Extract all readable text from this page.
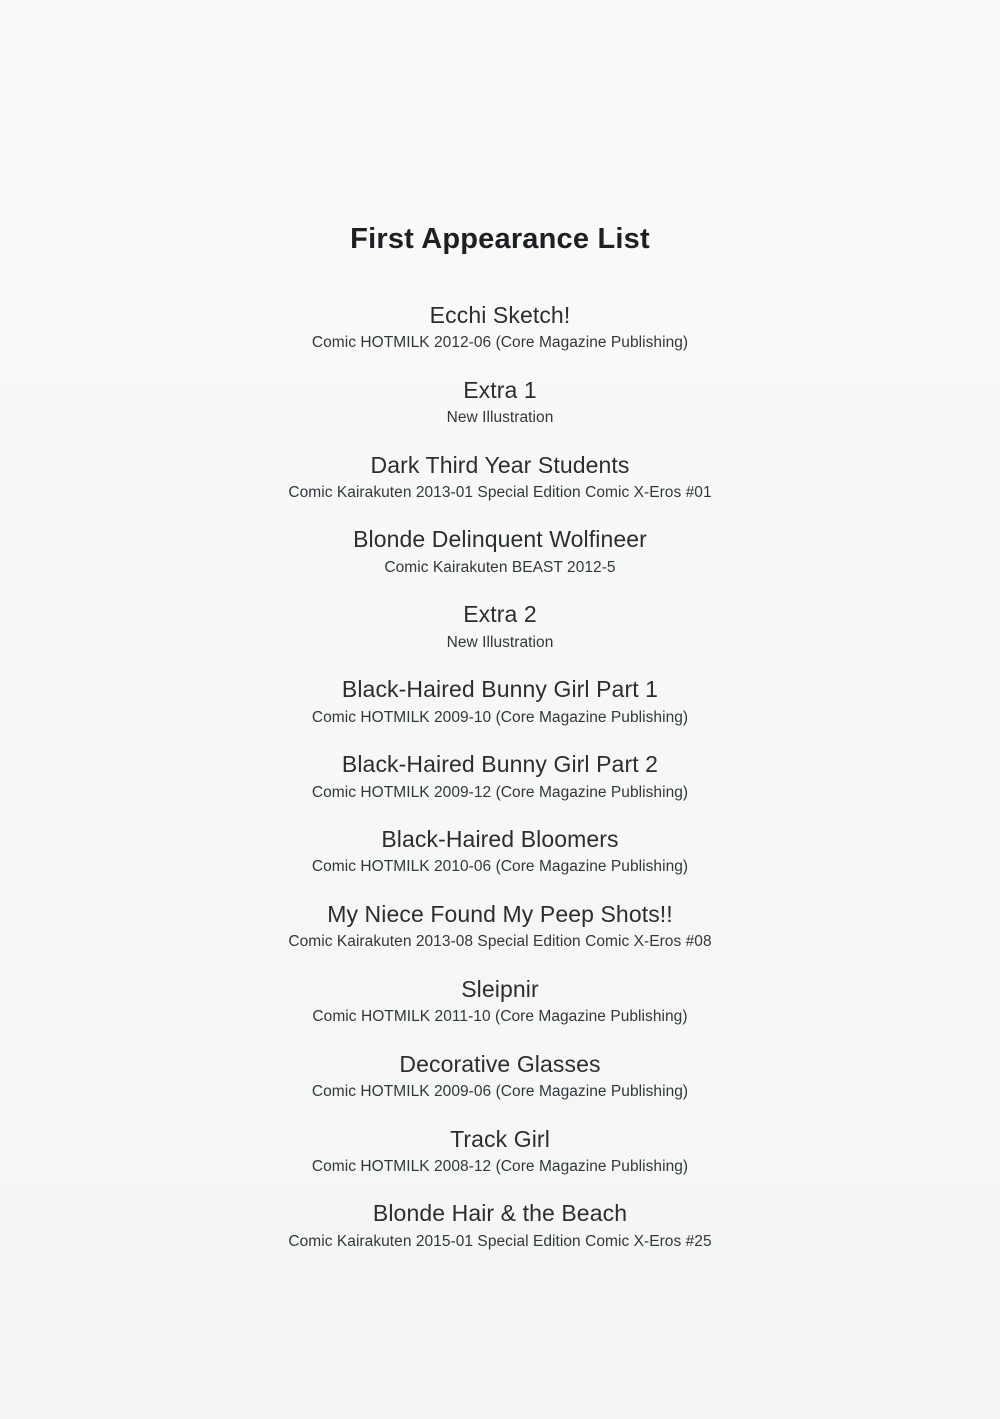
First Appearance List
Ecchi Sketch!
Comic HOTMILK 2012-06 (Core Magazine Publishing)
Extra 1
New Illustration
Dark Third Year Students
Comic Kairakuten 2013-01 Special Edition Comic X-Eros #01
Blonde Delinquent Wolfineer
Comic Kairakuten BEAST 2012-5
Extra 2
New Illustration
Black-Haired Bunny Girl Part 1
Comic HOTMILK 2009-10 (Core Magazine Publishing)
Black-Haired Bunny Girl Part 2
Comic HOTMILK 2009-12 (Core Magazine Publishing)
Black-Haired Bloomers
Comic HOTMILK 2010-06 (Core Magazine Publishing)
My Niece Found My Peep Shots!!
Comic Kairakuten 2013-08 Special Edition Comic X-Eros #08
Sleipnir
Comic HOTMILK 2011-10 (Core Magazine Publishing)
Decorative Glasses
Comic HOTMILK 2009-06 (Core Magazine Publishing)
Track Girl
Comic HOTMILK 2008-12 (Core Magazine Publishing)
Blonde Hair & the Beach
Comic Kairakuten 2015-01 Special Edition Comic X-Eros #25
